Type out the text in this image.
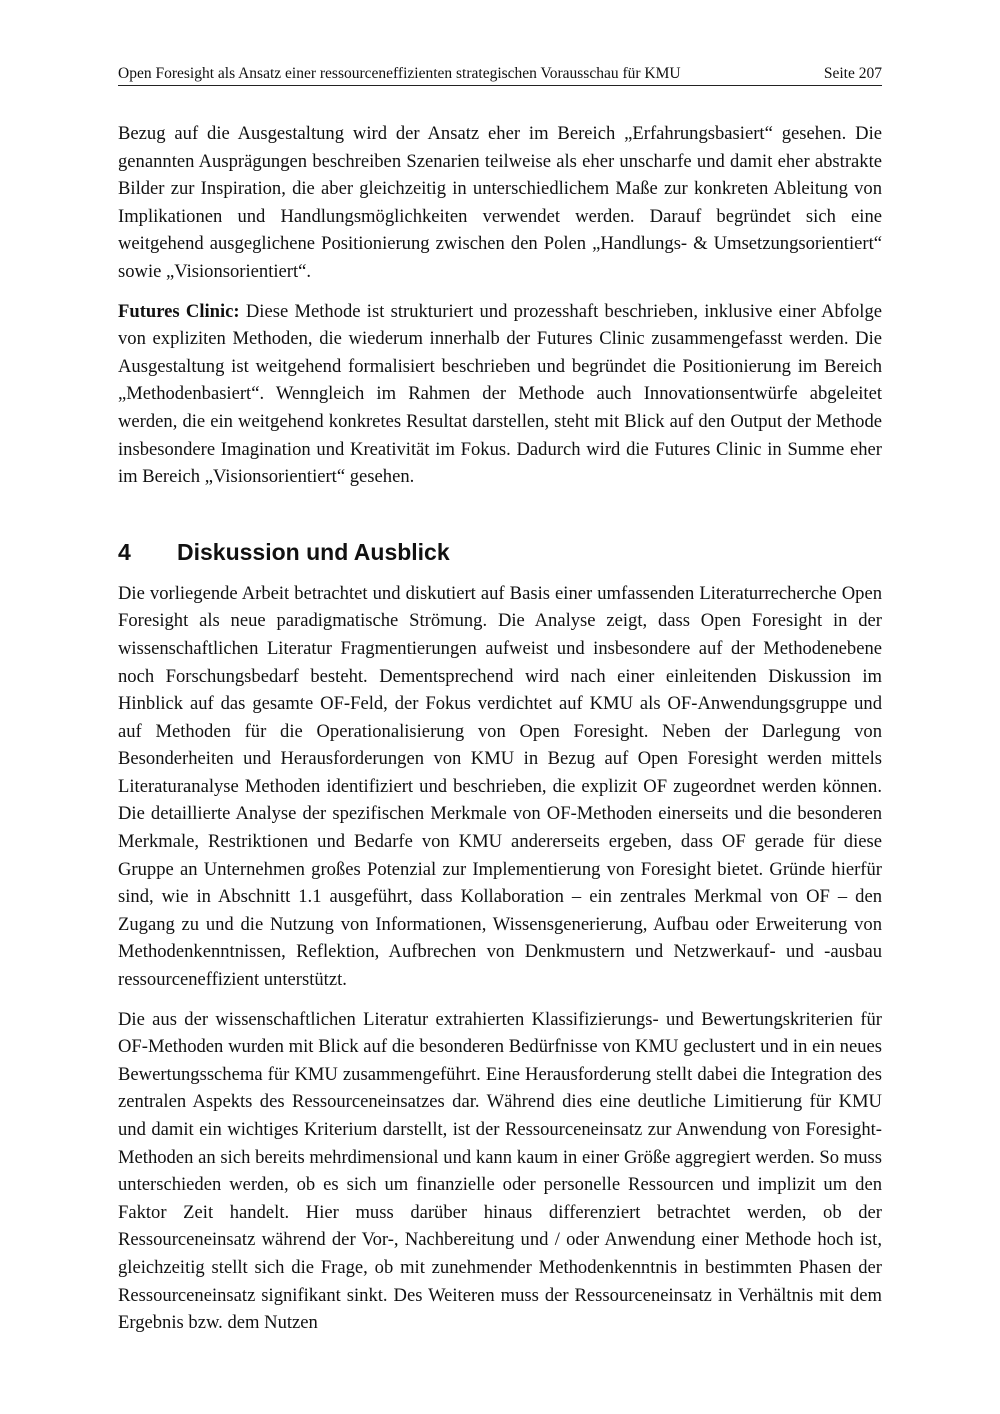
Open Foresight als Ansatz einer ressourceneffizienten strategischen Vorausschau für KMU	Seite 207

Bezug auf die Ausgestaltung wird der Ansatz eher im Bereich „Erfahrungsbasiert“ gesehen. Die genannten Ausprägungen beschreiben Szenarien teilweise als eher unscharfe und damit eher abstrakte Bilder zur Inspiration, die aber gleichzeitig in unterschiedlichem Maße zur konkreten Ableitung von Implikationen und Handlungsmöglichkeiten verwendet werden. Darauf begründet sich eine weitgehend ausgeglichene Positionierung zwischen den Polen „Handlungs- & Umsetzungsorientiert“ sowie „Visionsorientiert“.

Futures Clinic: Diese Methode ist strukturiert und prozesshaft beschrieben, inklusive einer Abfolge von expliziten Methoden, die wiederum innerhalb der Futures Clinic zusammengefasst werden. Die Ausgestaltung ist weitgehend formalisiert beschrieben und begründet die Positionierung im Bereich „Methodenbasiert“. Wenngleich im Rahmen der Methode auch Innovationsentwürfe abgeleitet werden, die ein weitgehend konkretes Resultat darstellen, steht mit Blick auf den Output der Methode insbesondere Imagination und Kreativität im Fokus. Dadurch wird die Futures Clinic in Summe eher im Bereich „Visionsorientiert“ gesehen.

4	Diskussion und Ausblick

Die vorliegende Arbeit betrachtet und diskutiert auf Basis einer umfassenden Literaturrecherche Open Foresight als neue paradigmatische Strömung. Die Analyse zeigt, dass Open Foresight in der wissenschaftlichen Literatur Fragmentierungen aufweist und insbesondere auf der Methodenebene noch Forschungsbedarf besteht. Dementsprechend wird nach einer einleitenden Diskussion im Hinblick auf das gesamte OF-Feld, der Fokus verdichtet auf KMU als OF-Anwendungsgruppe und auf Methoden für die Operationalisierung von Open Foresight. Neben der Darlegung von Besonderheiten und Herausforderungen von KMU in Bezug auf Open Foresight werden mittels Literaturanalyse Methoden identifiziert und beschrieben, die explizit OF zugeordnet werden können. Die detaillierte Analyse der spezifischen Merkmale von OF-Methoden einerseits und die besonderen Merkmale, Restriktionen und Bedarfe von KMU andererseits ergeben, dass OF gerade für diese Gruppe an Unternehmen großes Potenzial zur Implementierung von Foresight bietet. Gründe hierfür sind, wie in Abschnitt 1.1 ausgeführt, dass Kollaboration – ein zentrales Merkmal von OF – den Zugang zu und die Nutzung von Informationen, Wissensgenerierung, Aufbau oder Erweiterung von Methodenkenntnissen, Reflektion, Aufbrechen von Denkmustern und Netzwerkauf- und -ausbau ressourceneffizient unterstützt.

Die aus der wissenschaftlichen Literatur extrahierten Klassifizierungs- und Bewertungskriterien für OF-Methoden wurden mit Blick auf die besonderen Bedürfnisse von KMU geclustert und in ein neues Bewertungsschema für KMU zusammengeführt. Eine Herausforderung stellt dabei die Integration des zentralen Aspekts des Ressourceneinsatzes dar. Während dies eine deutliche Limitierung für KMU und damit ein wichtiges Kriterium darstellt, ist der Ressourceneinsatz zur Anwendung von Foresight-Methoden an sich bereits mehrdimensional und kann kaum in einer Größe aggregiert werden. So muss unterschieden werden, ob es sich um finanzielle oder personelle Ressourcen und implizit um den Faktor Zeit handelt. Hier muss darüber hinaus differenziert betrachtet werden, ob der Ressourceneinsatz während der Vor-, Nachbereitung und / oder Anwendung einer Methode hoch ist, gleichzeitig stellt sich die Frage, ob mit zunehmender Methodenkenntnis in bestimmten Phasen der Ressourceneinsatz signifikant sinkt. Des Weiteren muss der Ressourceneinsatz in Verhältnis mit dem Ergebnis bzw. dem Nutzen
